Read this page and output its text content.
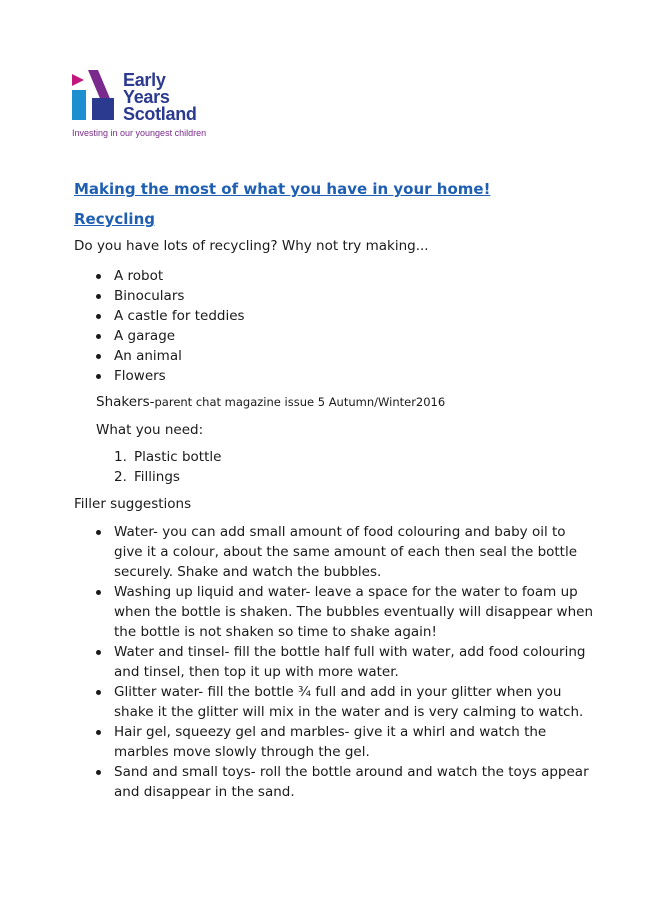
Early
Years
Scotland
Investing in our youngest children
Making the most of what you have in your home!
Recycling

Do you have lots of recycling? Why not try making...

A robot
Binoculars
A castle for teddies
A garage
An animal
Flowers

Shakers-parent chat magazine issue 5 Autumn/Winter2016

What you need:

1. Plastic bottle
2. Fillings

Filler suggestions

Water- you can add small amount of food colouring and baby oil to give it a colour, about the same amount of each then seal the bottle securely. Shake and watch the bubbles.
Washing up liquid and water- leave a space for the water to foam up when the bottle is shaken. The bubbles eventually will disappear when the bottle is not shaken so time to shake again!
Water and tinsel- fill the bottle half full with water, add food colouring and tinsel, then top it up with more water.
Glitter water- fill the bottle ¾ full and add in your glitter when you shake it the glitter will mix in the water and is very calming to watch.
Hair gel, squeezy gel and marbles- give it a whirl and watch the marbles move slowly through the gel.
Sand and small toys- roll the bottle around and watch the toys appear and disappear in the sand.
